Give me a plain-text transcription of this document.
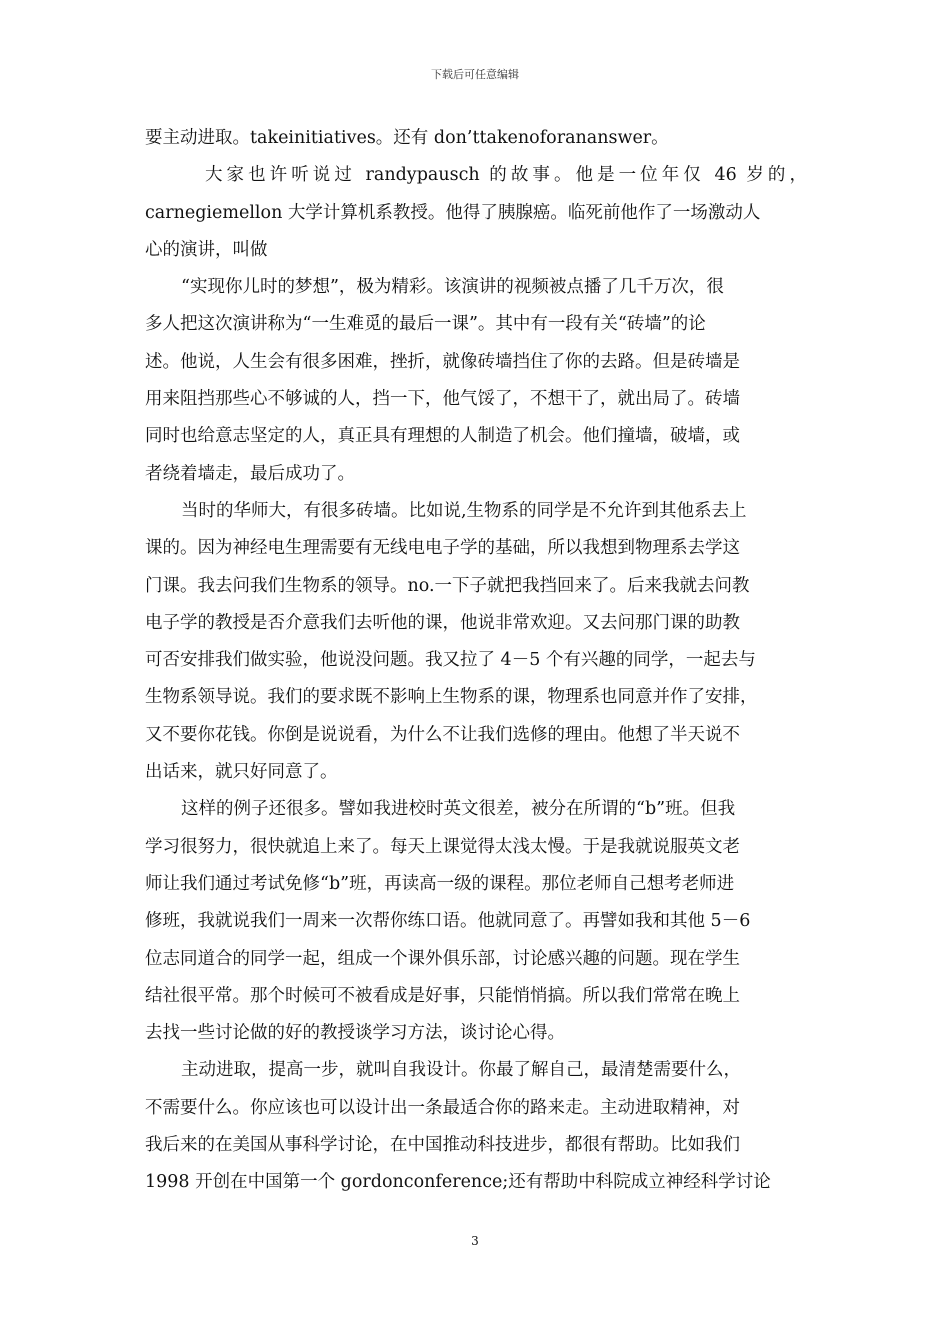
下载后可任意编辑
要主动进取。takeinitiatives。还有 don’ttakenoforananswer。
大家也许听说过 randypausch 的故事。他是一位年仅 46 岁的，
carnegiemellon 大学计算机系教授。他得了胰腺癌。临死前他作了一场激动人
心的演讲，叫做
“实现你儿时的梦想”，极为精彩。该演讲的视频被点播了几千万次，很
多人把这次演讲称为“一生难觅的最后一课”。其中有一段有关“砖墙”的论
述。他说，人生会有很多困难，挫折，就像砖墙挡住了你的去路。但是砖墙是
用来阻挡那些心不够诚的人，挡一下，他气馁了，不想干了，就出局了。砖墙
同时也给意志坚定的人，真正具有理想的人制造了机会。他们撞墙，破墙，或
者绕着墙走，最后成功了。
当时的华师大，有很多砖墙。比如说,生物系的同学是不允许到其他系去上
课的。因为神经电生理需要有无线电电子学的基础，所以我想到物理系去学这
门课。我去问我们生物系的领导。no.一下子就把我挡回来了。后来我就去问教
电子学的教授是否介意我们去听他的课，他说非常欢迎。又去问那门课的助教
可否安排我们做实验，他说没问题。我又拉了 4－5 个有兴趣的同学，一起去与
生物系领导说。我们的要求既不影响上生物系的课，物理系也同意并作了安排，
又不要你花钱。你倒是说说看，为什么不让我们选修的理由。他想了半天说不
出话来，就只好同意了。
这样的例子还很多。譬如我进校时英文很差，被分在所谓的“b”班。但我
学习很努力，很快就追上来了。每天上课觉得太浅太慢。于是我就说服英文老
师让我们通过考试免修“b”班，再读高一级的课程。那位老师自己想考老师进
修班，我就说我们一周来一次帮你练口语。他就同意了。再譬如我和其他 5－6
位志同道合的同学一起，组成一个课外俱乐部，讨论感兴趣的问题。现在学生
结社很平常。那个时候可不被看成是好事，只能悄悄搞。所以我们常常在晚上
去找一些讨论做的好的教授谈学习方法，谈讨论心得。
主动进取，提高一步，就叫自我设计。你最了解自己，最清楚需要什么，
不需要什么。你应该也可以设计出一条最适合你的路来走。主动进取精神，对
我后来的在美国从事科学讨论，在中国推动科技进步，都很有帮助。比如我们
1998 开创在中国第一个 gordonconference;还有帮助中科院成立神经科学讨论
3
